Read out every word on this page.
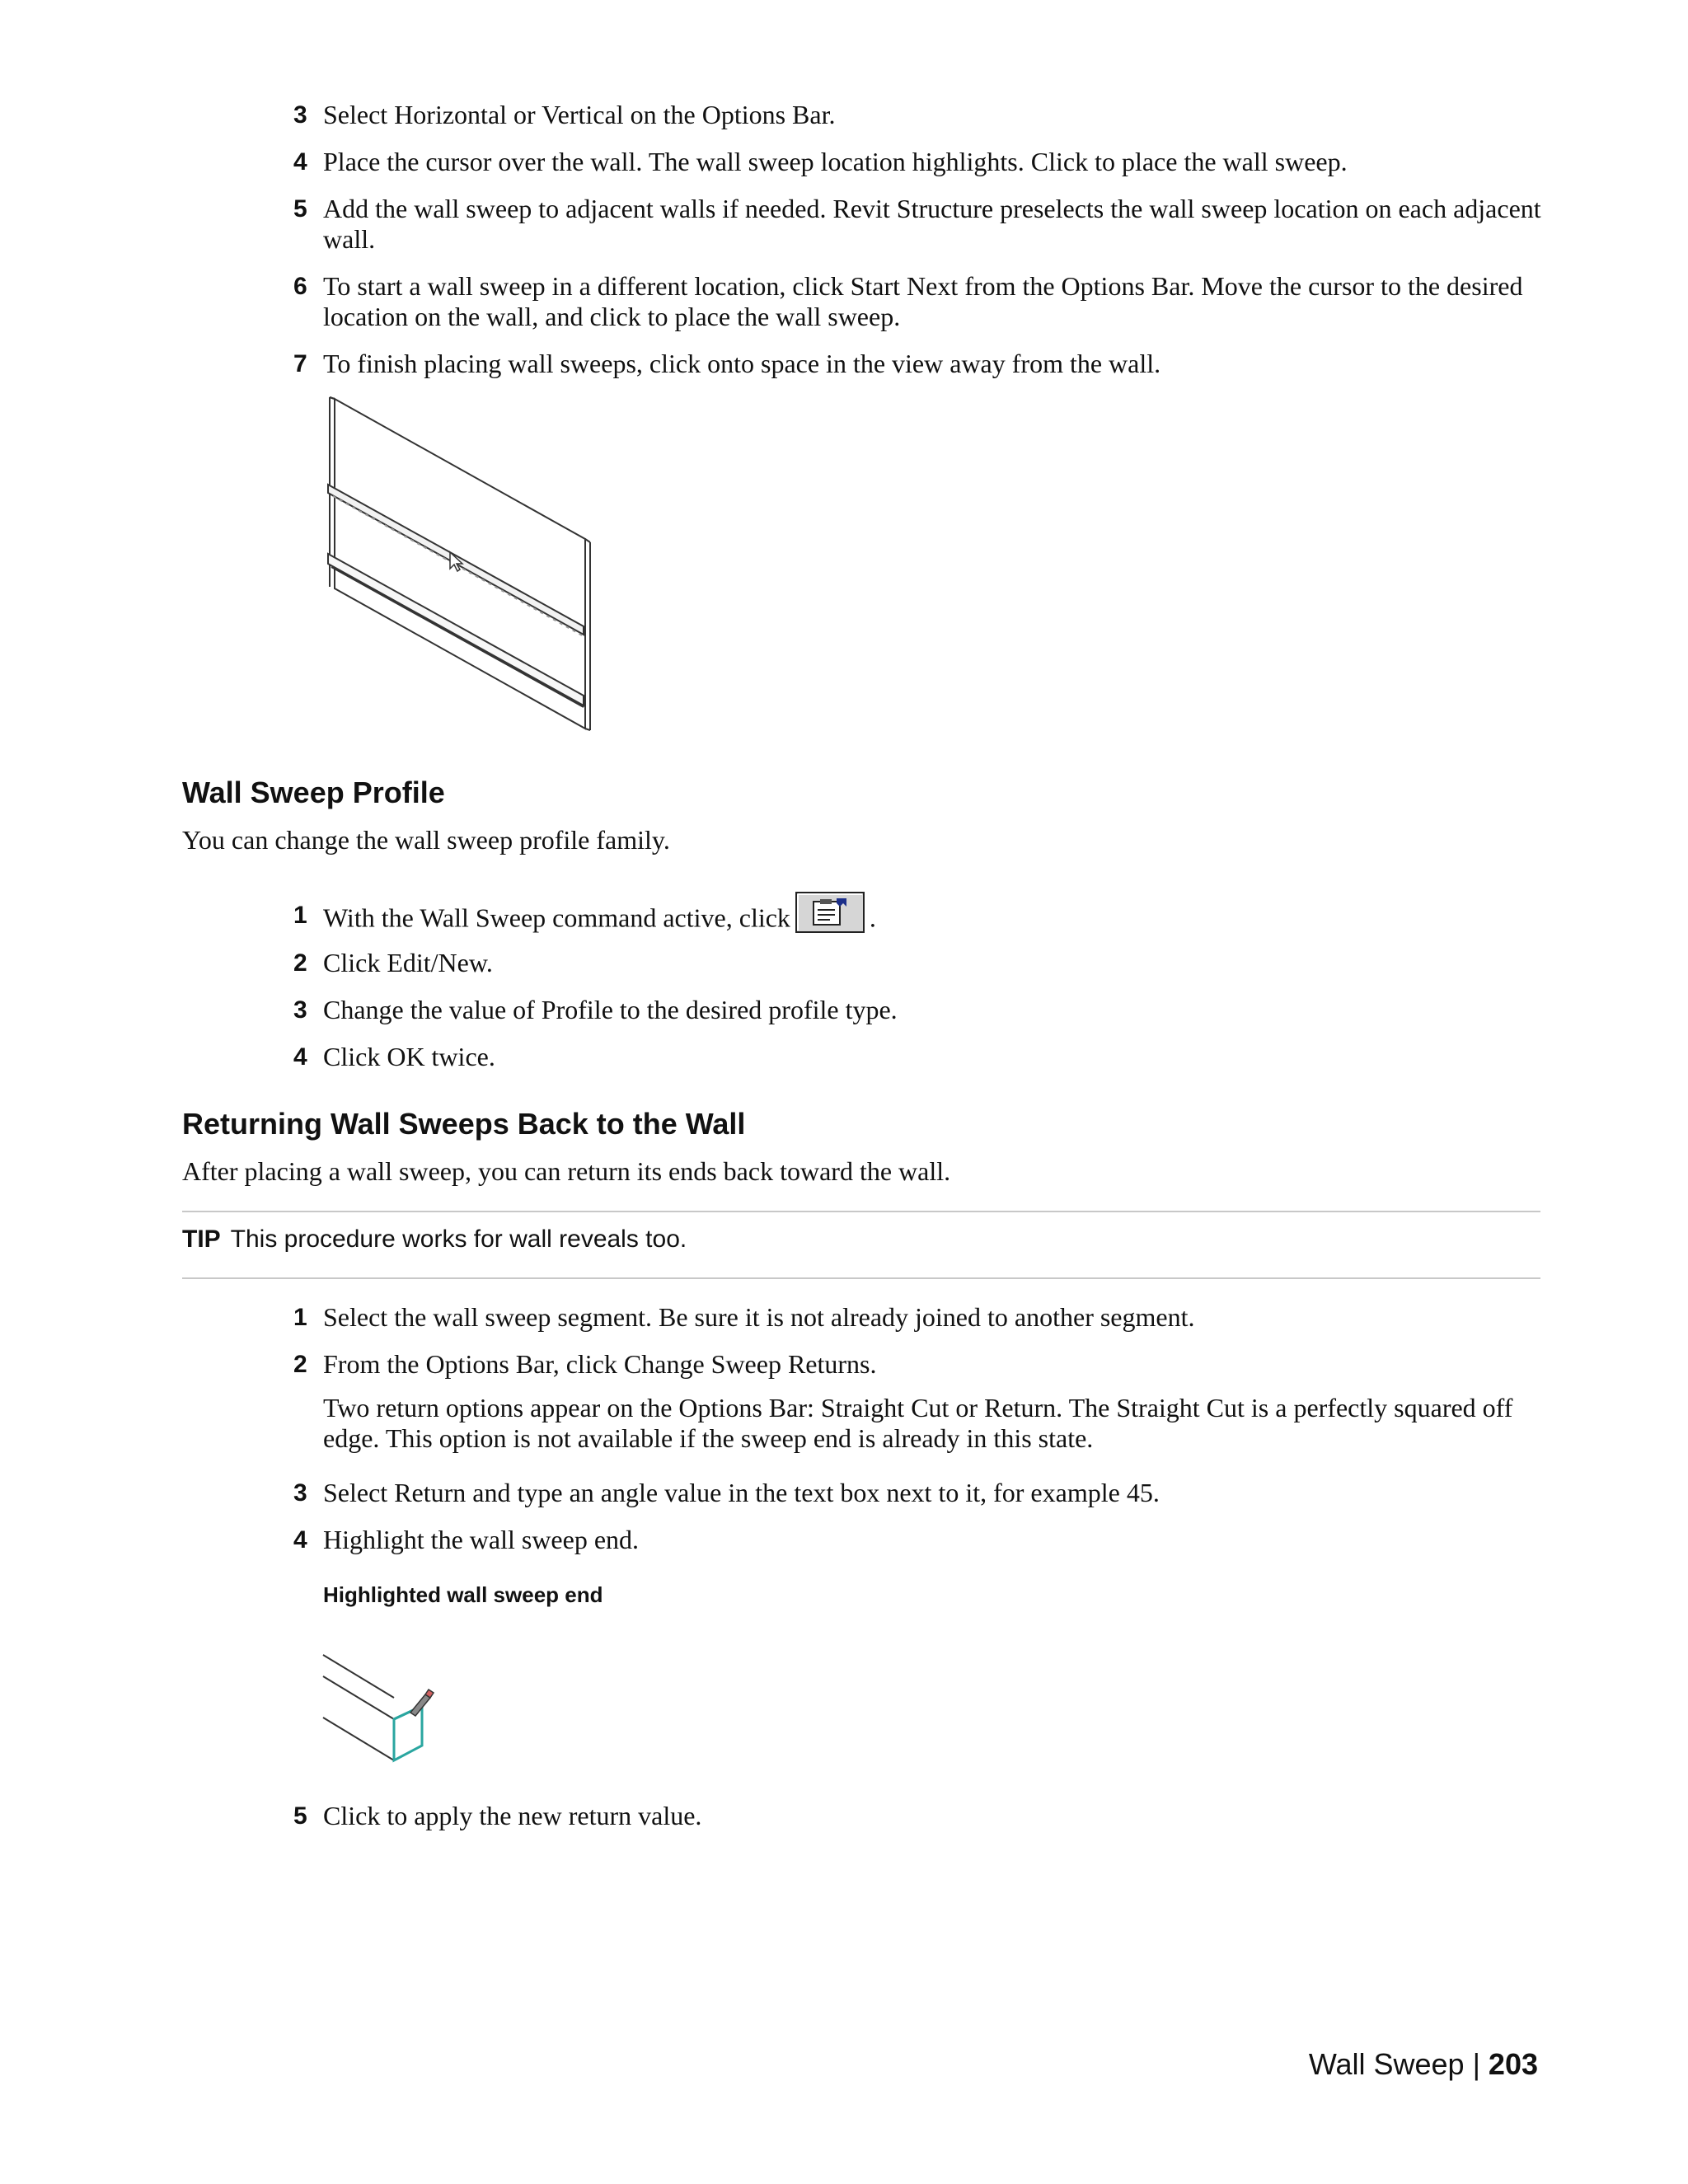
3 Select Horizontal or Vertical on the Options Bar.
4 Place the cursor over the wall. The wall sweep location highlights. Click to place the wall sweep.
5 Add the wall sweep to adjacent walls if needed. Revit Structure preselects the wall sweep location on each adjacent wall.
6 To start a wall sweep in a different location, click Start Next from the Options Bar. Move the cursor to the desired location on the wall, and click to place the wall sweep.
7 To finish placing wall sweeps, click onto space in the view away from the wall.
Wall Sweep Profile
You can change the wall sweep profile family.
1 With the Wall Sweep command active, click	.
2 Click Edit/New.
3 Change the value of Profile to the desired profile type.
4 Click OK twice.
Returning Wall Sweeps Back to the Wall
After placing a wall sweep, you can return its ends back toward the wall.
TIP This procedure works for wall reveals too.
1 Select the wall sweep segment. Be sure it is not already joined to another segment.
2 From the Options Bar, click Change Sweep Returns.
Two return options appear on the Options Bar: Straight Cut or Return. The Straight Cut is a perfectly squared off edge. This option is not available if the sweep end is already in this state.
3 Select Return and type an angle value in the text box next to it, for example 45.
4 Highlight the wall sweep end.
Highlighted wall sweep end
5 Click to apply the new return value.
Wall Sweep | 203
